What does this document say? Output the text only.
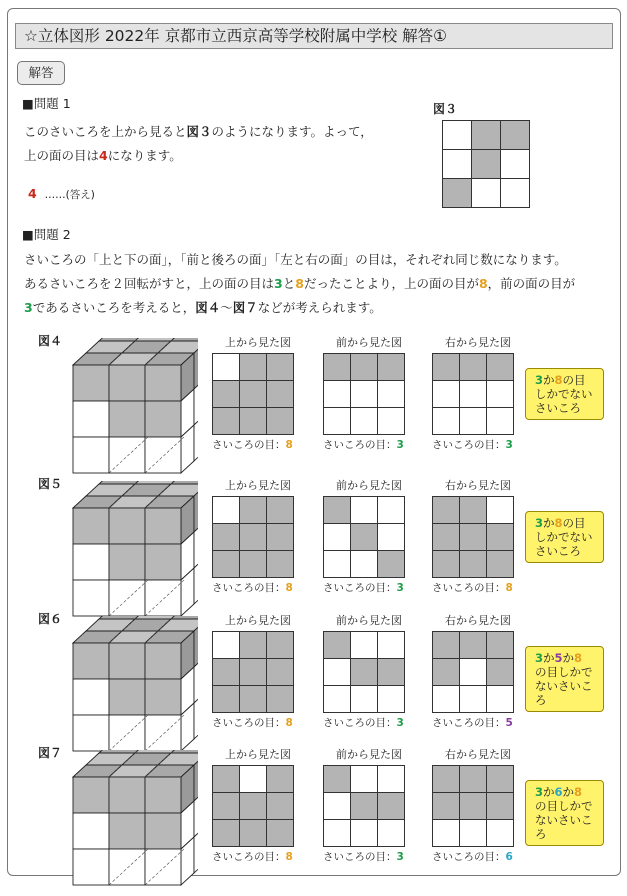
☆立体図形 2022年 京都市立西京高等学校附属中学校 解答①
解答
■問題 1
このさいころを上から見ると図３のようになります。よって，
上の面の目は4になります。
4 ……(答え)
図３

■問題 2
さいころの「上と下の面」，「前と後ろの面」「左と右の面」の目は，それぞれ同じ数になります。
あるさいころを２回転がすと，上の面の目は3と8だったことより，上の面の目が8，前の面の目が
3であるさいころを考えると，図４～図７などが考えられます。
図４	上から見た図

さいころの目：8
前から見た図

さいころの目：3
右から見た図

さいころの目：3
3か8の目
しかでない
さいころ
図５	上から見た図

さいころの目：8
前から見た図

さいころの目：3
右から見た図

さいころの目：8
3か8の目
しかでない
さいころ
図６	上から見た図

さいころの目：8
前から見た図

さいころの目：3
右から見た図

さいころの目：5
3か5か8
の目しかで
ないさいころ
図７	上から見た図

さいころの目：8
前から見た図

さいころの目：3
右から見た図

さいころの目：6
3か6か8
の目しかで
ないさいころ
